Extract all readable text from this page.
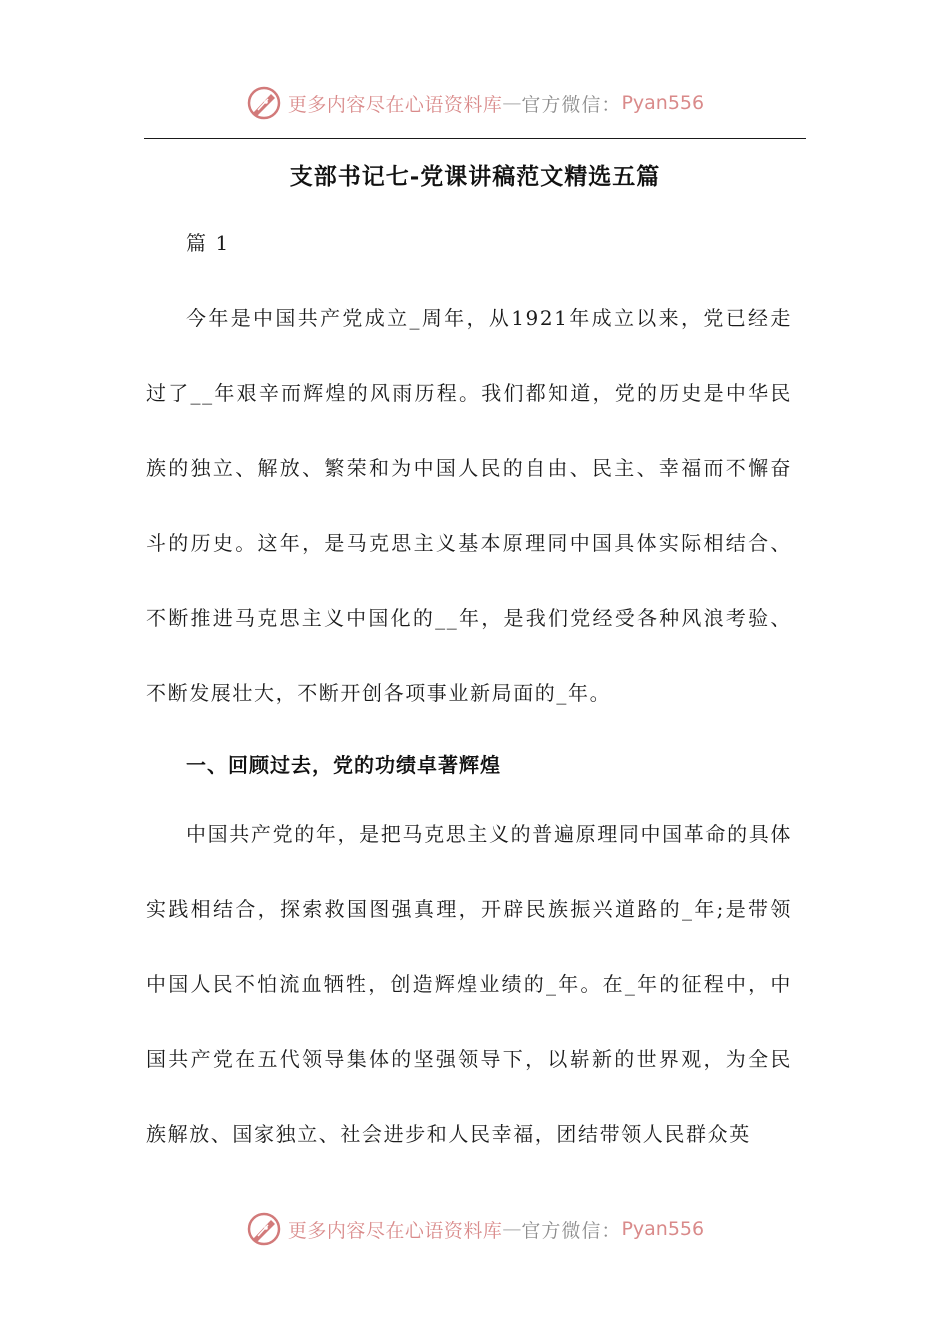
更多内容尽在心语资料库 — 官方微信： Pyan556
支部书记七-党课讲稿范文精选五篇

篇 1

今年是中国共产党成立_周年，从1921年成立以来，党已经走过了__年艰辛而辉煌的风雨历程。我们都知道，党的历史是中华民族的独立、解放、繁荣和为中国人民的自由、民主、幸福而不懈奋斗的历史。这年，是马克思主义基本原理同中国具体实际相结合、不断推进马克思主义中国化的__年，是我们党经受各种风浪考验、不断发展壮大，不断开创各项事业新局面的_年。

一、回顾过去，党的功绩卓著辉煌

中国共产党的年，是把马克思主义的普遍原理同中国革命的具体实践相结合，探索救国图强真理，开辟民族振兴道路的_年;是带领中国人民不怕流血牺牲，创造辉煌业绩的_年。在_年的征程中，中国共产党在五代领导集体的坚强领导下，以崭新的世界观，为全民族解放、国家独立、社会进步和人民幸福，团结带领人民群众英

更多内容尽在心语资料库 — 官方微信： Pyan556
